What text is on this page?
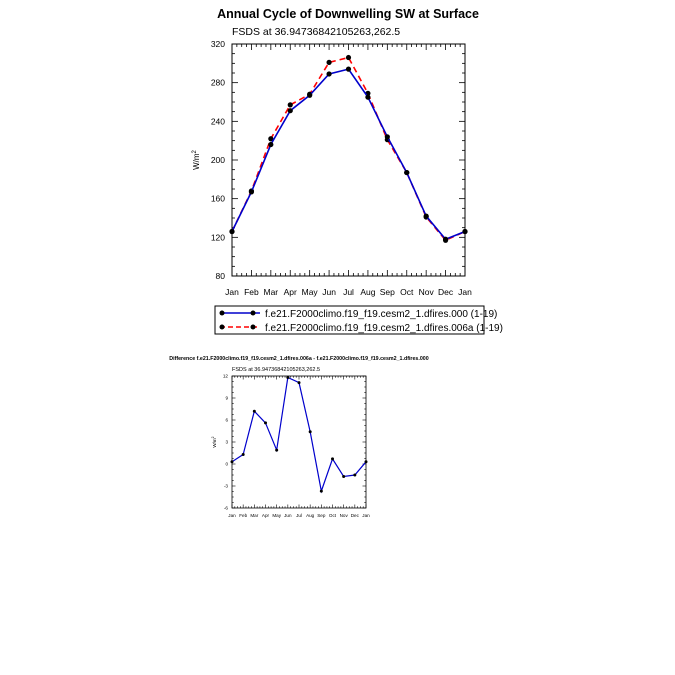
Annual Cycle of Downwelling SW at Surface
FSDS at 36.94736842105263,262.5
80
120
160
200
240
280
320
Jan Feb Mar Apr May Jun Jul Aug Sep Oct Nov Dec Jan
$W/m^2$
f.e21.F2000climo.f19_f19.cesm2_1.dfires.000 (1-19)
f.e21.F2000climo.f19_f19.cesm2_1.dfires.006a (1-19)
Difference f.e21.F2000climo.f19_f19.cesm2_1.dfires.006a - f.e21.F2000climo.f19_f19.cesm2_1.dfires.000
FSDS at 36.94736842105263,262.5
-6
-3
0
3
6
9
12
Jan Feb Mar Apr May Jun Jul Aug Sep Oct Nov Dec Jan
$W/m^2$
